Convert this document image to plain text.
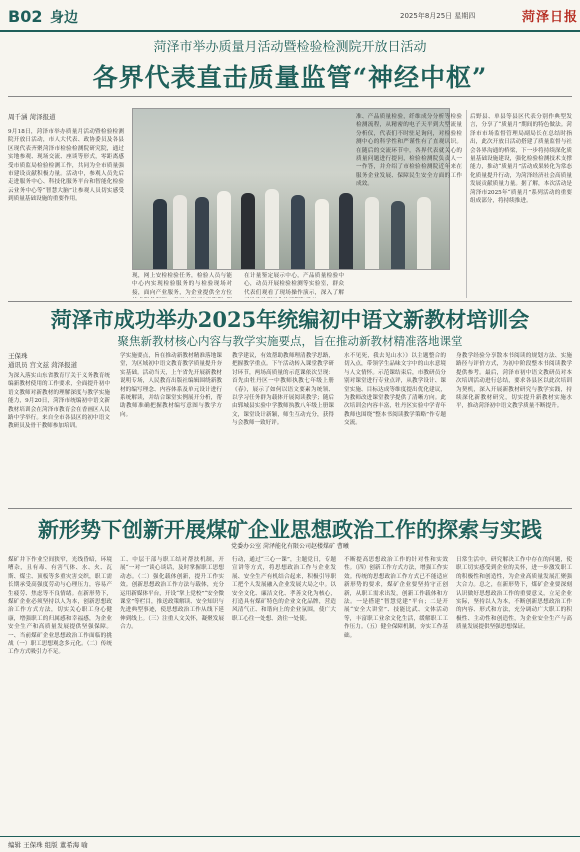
B02 身边	2025年8月25日 星期四	菏泽日报
菏泽市举办质量月活动暨检验检测院开放日活动
各界代表直击质量监管“神经中枢”
周千涵 菏泽报道
9月18日，菏泽市举办质量月活动暨检验检测院开放日活动，市人大代表、政协委员及各县区现代表齐聚菏泽市检验检测院研究院，通过实地参观、现场交流、座谈等形式，零距离感受市质监局检验检测工作，共同为全市质量强市建设贡献积极力量。活动中，参观人员先后走进服务中心、科技化服务平台和智能化检验云业务中心等“智慧大脑”让参观人员切实感受到质量基础设施的重要作用。
现，网上安检检验任务，检验人员与能中心内实现检验服务的与检验现场对接，面向产业服务，为企业提供全方位
在计量鉴定展示中心，产品质量检验中心，动员开展检验检测等实验室，群众代表们观看了现场操作演示，深入了解
准、产品质量检验，纤维成分分析等检验检测流程，从精密的电子天平到大型流量分析仪，代表们不时驻足询问，对检验检测中心的科学性和严谨性有了直观认识。在随后的交流环节中，各界代表就关心的质量问题进行提问，检验检测院负责人一一作答，并介绍了市检验检测院近年来在服务企业发展、保障民生安全方面的工作成效。
后野县、单县等县区代表分别作典型发言，分享了“质量月”期间的特色做法。菏泽市市场监督管理局副局长在总结时指出，此次开放日活动搭建了质量监督与社会各界沟通的桥梁，下一步将持续深化质量基础设施建设，强化检验检测技术支撑能力，推动“质量月”活动成果转化为常态化质量提升行动，为菏泽经济社会高质量发展贡献质量力量。据了解，本次活动是菏泽市2025年“质量月”系列活动的重要组成部分，将持续推进。
菏泽市成功举办2025年统编初中语文新教材培训会
聚焦新教材核心内容与教学实施要点，旨在推动新教材精准落地课堂
王保珠
通讯员 宫文兹 菏泽报道
为深入落实山东省教育厅关于义务教育统编新教材使用的工作要求，全面提升初中语文教师对新教材的理解深度与教学实施能力，9月20日，菏泽市统编初中语文新教材培训会在菏泽市教育会在香画区人民路中学举行。来自全市各县区的初中语文教研员及骨干教师参加培训。
学实施要点，旨在推动新教材精准落地课堂，为区域初中语文教育教学质量提升夯实基础。活动当天，上午省先开展新教材说明专场，人民教育出版社编辑围绕新教材的编写理念、内容体系及单元设计进行系统解读，并结合课堂实例展开分析，帮助教师准确把握教材编写意图与教学方向。
教学建议，有效帮助教师理清教学思路，把握教学重点。下午活动转入课堂教学研讨环节，两场高质量的示范课依次呈现：首先由牡丹区一中教师执教七年级上册《春》，展示了如何以语文要素为统领、以学习任务群为载体开展阅读教学；随后由郓城县实验中学教师执教八年级上册课文，课堂设计新颖，师生互动充分，获得与会教师一致好评。
水不见死，我去见山水）》以主题整合的切入点，带领学生品味文字中的山水意境与人文情怀。示范课结束后，市教研员分别对课堂进行专业点评，从教学设计、课堂实施、目标达成等维度提出优化建议，为教师改进课堂教学提供了清晰方向。此次培训会内容丰富，牡丹区实验中学青年教师也围绕“整本书阅读教学策略”作专题交流。
身教学经验分享散本书阅读的规划方法、实施路径与评价方式，为初中阶段整本书阅读教学提供参考。最后，菏泽市初中语文教研员对本次培训活动进行总结，要求各县区以此次培训为契机，深入开展新教材研究与教学实践，持续深化新教材研究，切实提升新教材实施水平，推动菏泽初中语文教学质量不断提升。
新形势下创新开展煤矿企业思想政治工作的探索与实践
党委办公室 菏泽能化有限公司赵楼煤矿 曹曦
煤矿井下作业空间狭窄，光线昏暗，环境嘈杂，且有毒、有害气体、水、火、瓦斯、煤尘、顶板等多重灾害交织，职工需长期承受高强度劳动与心理压力，容易产生疲劳、焦虑等不良情绪。在新形势下，煤矿企业必须坚持以人为本，创新思想政治工作方式方法，切实关心职工身心健康，增强职工的归属感和幸福感，为企业安全生产和高质量发展提供坚强保障。一、当前煤矿企业思想政治工作面临的挑战（一）职工思想观念多元化。（二）传统工作方式吸引力不足。
工、中层干部与职工结对帮扶机制，开展“一对一”谈心谈话，及时掌握职工思想动态。（二）强化载体创新，提升工作实效。创新思想政治工作方法与载体，充分运用新媒体平台，开设“掌上党校”“安全微课堂”等栏目，推送政策解读、安全知识与先进典型事迹，使思想政治工作从线下延伸到线上。（三）注重人文关怀，凝聚发展合力。
行动，通过“三心一课”，主题党日，专题宣讲等方式，将思想政治工作与企业发展、安全生产有机结合起来，积极引导职工把个人发展融入企业发展大局之中。以安全文化、廉洁文化、孝善文化为核心，打造具有煤矿特色的企业文化品牌，营造风清气正、和谐向上的企业氛围，使广大职工心往一处想、劲往一处使。
不断提高思想政治工作的针对性和实效性。（四）创新工作方式方法，增强工作实效。传统的思想政治工作方式已不能适应新形势的要求，煤矿企业要坚持守正创新，从职工需求出发，创新工作载体和方法。一是搭建“智慧党建”平台；二是开展“安全大讲堂”、技能比武、文体活动等，丰富职工业余文化生活，缓解职工工作压力。（五）健全保障机制，夯实工作基础。
日常生活中，研究解决工作中存在的问题，使职工切实感受到企业的关怀，进一步激发职工的积极性和创造性，为企业高质量发展汇聚强大合力。总之，在新形势下，煤矿企业要深刻认识做好思想政治工作的重要意义，立足企业实际，坚持以人为本，不断创新思想政治工作的内容、形式和方法，充分调动广大职工的积极性、主动性和创造性，为企业安全生产与高质量发展提供坚强思想保证。
编辑 王保珠 组版 董希海 喻
